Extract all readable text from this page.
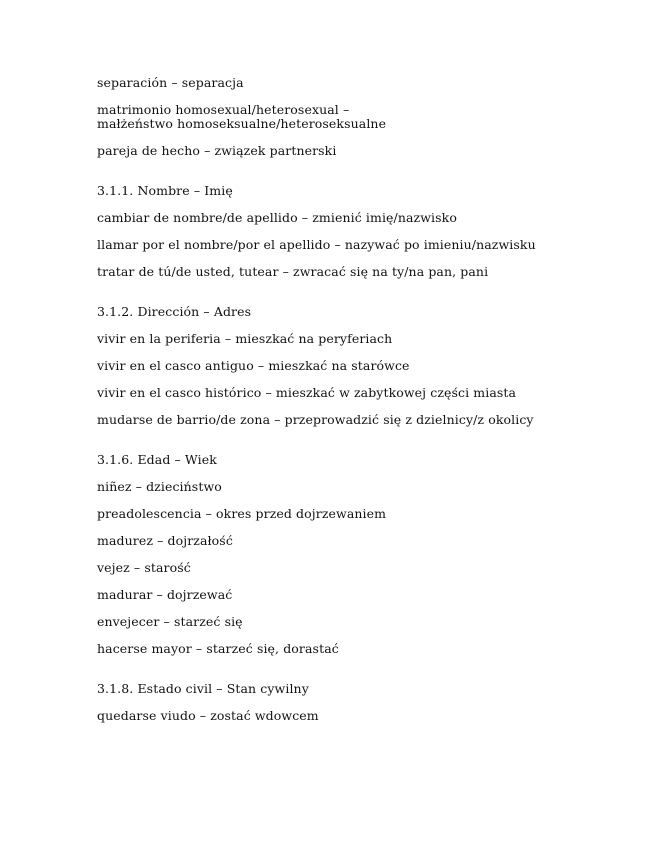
separación – separacja

matrimonio homosexual/heterosexual – małżeństwo homoseksualne/heteroseksualne

pareja de hecho – związek partnerski

3.1.1. Nombre – Imię

cambiar de nombre/de apellido – zmienić imię/nazwisko

llamar por el nombre/por el apellido – nazywać po imieniu/nazwisku

tratar de tú/de usted, tutear – zwracać się na ty/na pan, pani

3.1.2. Dirección – Adres

vivir en la periferia – mieszkać na peryferiach

vivir en el casco antiguo – mieszkać na starówce

vivir en el casco histórico – mieszkać w zabytkowej części miasta

mudarse de barrio/de zona – przeprowadzić się z dzielnicy/z okolicy

3.1.6. Edad – Wiek

niñez – dzieciństwo

preadolescencia – okres przed dojrzewaniem

madurez – dojrzałość

vejez – starość

madurar – dojrzewać

envejecer – starzeć się

hacerse mayor – starzeć się, dorastać

3.1.8. Estado civil – Stan cywilny

quedarse viudo – zostać wdowcem
